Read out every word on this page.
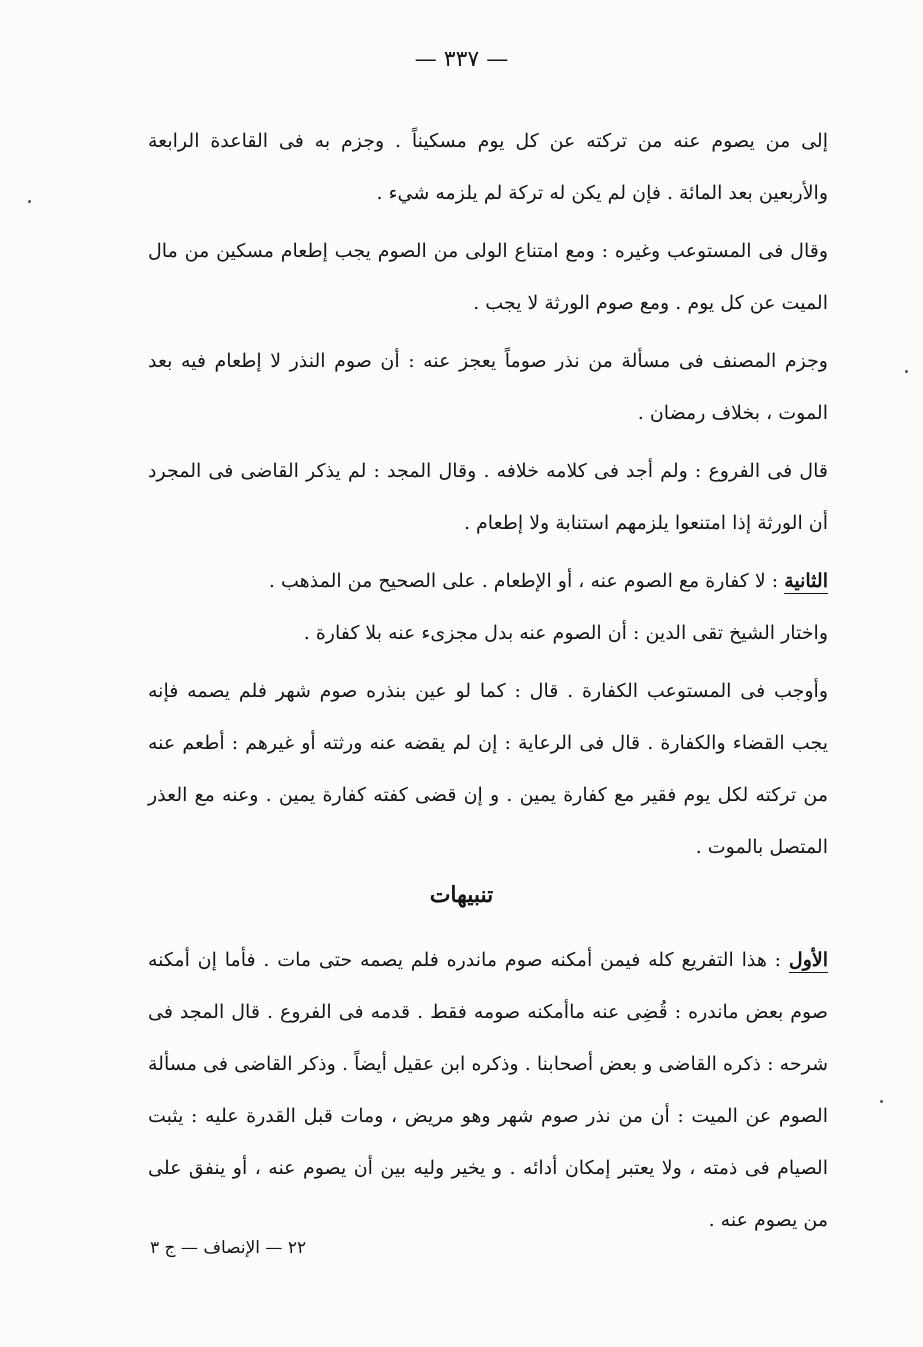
— ٣٣٧ —

إلى من يصوم عنه من تركته عن كل يوم مسكيناً . وجزم به فى القاعدة الرابعة والأربعين بعد المائة . فإن لم يكن له تركة لم يلزمه شيء .

وقال فى المستوعب وغيره : ومع امتناع الولى من الصوم يجب إطعام مسكين من مال الميت عن كل يوم . ومع صوم الورثة لا يجب .

وجزم المصنف فى مسألة من نذر صوماً يعجز عنه : أن صوم النذر لا إطعام فيه بعد الموت ، بخلاف رمضان .

قال فى الفروع : ولم أجد فى كلامه خلافه . وقال المجد : لم يذكر القاضى فى المجرد أن الورثة إذا امتنعوا يلزمهم استنابة ولا إطعام .

الثانية : لا كفارة مع الصوم عنه ، أو الإطعام . على الصحيح من المذهب .

واختار الشيخ تقى الدين : أن الصوم عنه بدل مجزىء عنه بلا كفارة .

وأوجب فى المستوعب الكفارة . قال : كما لو عين بنذره صوم شهر فلم يصمه فإنه يجب القضاء والكفارة . قال فى الرعاية : إن لم يقضه عنه ورثته أو غيرهم : أطعم عنه من تركته لكل يوم فقير مع كفارة يمين . و إن قضى كفته كفارة يمين . وعنه مع العذر المتصل بالموت .

تنبيهات

الأول : هذا التفريع كله فيمن أمكنه صوم ماندره فلم يصمه حتى مات . فأما إن أمكنه صوم بعض ماندره : قُضِى عنه ماأمكنه صومه فقط . قدمه فى الفروع . قال المجد فى شرحه : ذكره القاضى و بعض أصحابنا . وذكره ابن عقيل أيضاً . وذكر القاضى فى مسألة الصوم عن الميت : أن من نذر صوم شهر وهو مريض ، ومات قبل القدرة عليه : يثبت الصيام فى ذمته ، ولا يعتبر إمكان أدائه . و يخير وليه بين أن يصوم عنه ، أو ينفق على من يصوم عنه .

٢٢ — الإنصاف — ج ٣
